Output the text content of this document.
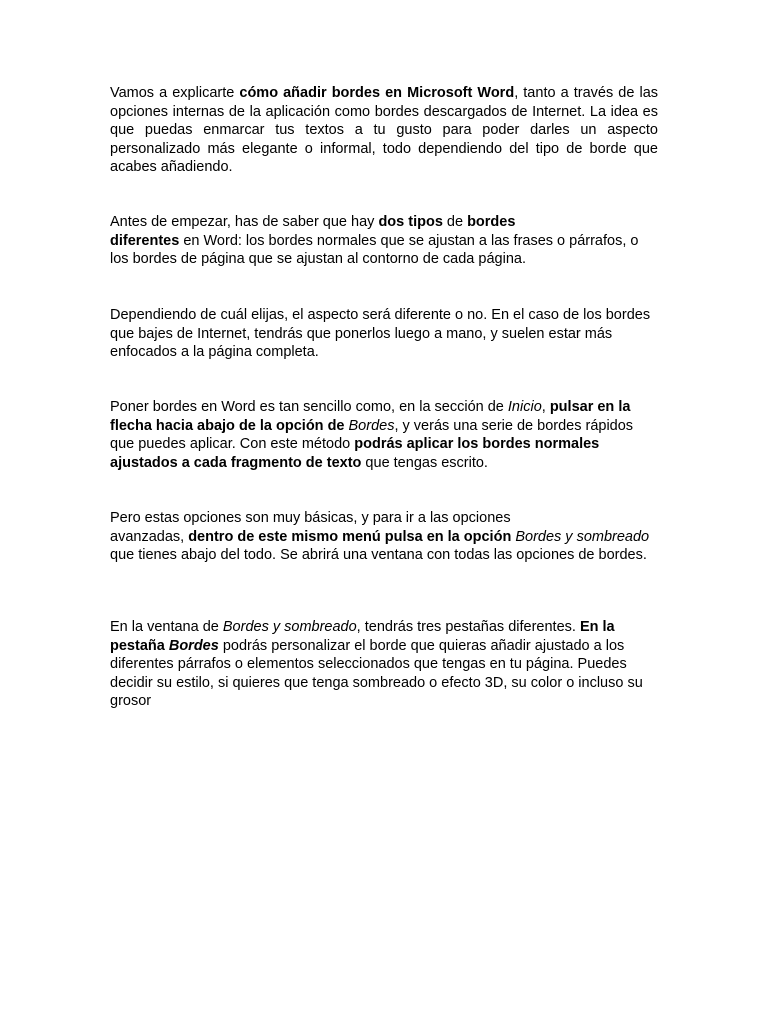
Vamos a explicarte cómo añadir bordes en Microsoft Word, tanto a través de las opciones internas de la aplicación como bordes descargados de Internet. La idea es que puedas enmarcar tus textos a tu gusto para poder darles un aspecto personalizado más elegante o informal, todo dependiendo del tipo de borde que acabes añadiendo.

Antes de empezar, has de saber que hay dos tipos de bordes
diferentes en Word: los bordes normales que se ajustan a las frases o párrafos, o los bordes de página que se ajustan al contorno de cada página.

Dependiendo de cuál elijas, el aspecto será diferente o no. En el caso de los bordes que bajes de Internet, tendrás que ponerlos luego a mano, y suelen estar más enfocados a la página completa.

Poner bordes en Word es tan sencillo como, en la sección de Inicio, pulsar en la flecha hacia abajo de la opción de Bordes, y verás una serie de bordes rápidos que puedes aplicar. Con este método podrás aplicar los bordes normales ajustados a cada fragmento de texto que tengas escrito.

Pero estas opciones son muy básicas, y para ir a las opciones
avanzadas, dentro de este mismo menú pulsa en la opción Bordes y sombreado que tienes abajo del todo. Se abrirá una ventana con todas las opciones de bordes.

En la ventana de Bordes y sombreado, tendrás tres pestañas diferentes. En la pestaña Bordes podrás personalizar el borde que quieras añadir ajustado a los diferentes párrafos o elementos seleccionados que tengas en tu página. Puedes decidir su estilo, si quieres que tenga sombreado o efecto 3D, su color o incluso su grosor
